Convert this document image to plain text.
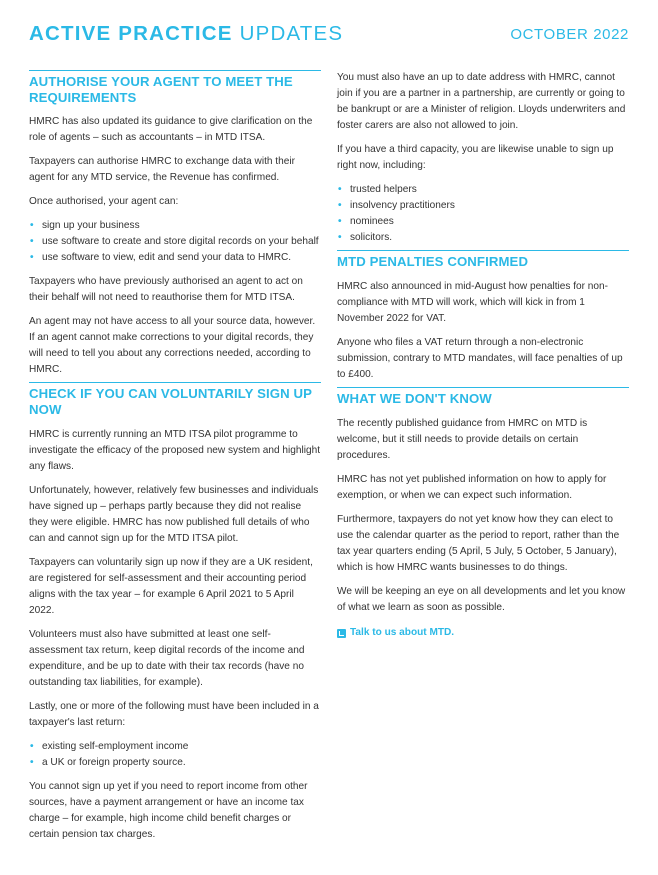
ACTIVE PRACTICE UPDATES	OCTOBER 2022
AUTHORISE YOUR AGENT TO MEET THE REQUIREMENTS

HMRC has also updated its guidance to give clarification on the role of agents – such as accountants – in MTD ITSA.

Taxpayers can authorise HMRC to exchange data with their agent for any MTD service, the Revenue has confirmed.

Once authorised, your agent can:

• sign up your business
• use software to create and store digital records on your behalf
• use software to view, edit and send your data to HMRC.

Taxpayers who have previously authorised an agent to act on their behalf will not need to reauthorise them for MTD ITSA.

An agent may not have access to all your source data, however. If an agent cannot make corrections to your digital records, they will need to tell you about any corrections needed, according to HMRC.

CHECK IF YOU CAN VOLUNTARILY SIGN UP NOW

HMRC is currently running an MTD ITSA pilot programme to investigate the efficacy of the proposed new system and highlight any flaws.

Unfortunately, however, relatively few businesses and individuals have signed up – perhaps partly because they did not realise they were eligible. HMRC has now published full details of who can and cannot sign up for the MTD ITSA pilot.

Taxpayers can voluntarily sign up now if they are a UK resident, are registered for self-assessment and their accounting period aligns with the tax year – for example 6 April 2021 to 5 April 2022.

Volunteers must also have submitted at least one self-assessment tax return, keep digital records of the income and expenditure, and be up to date with their tax records (have no outstanding tax liabilities, for example).

Lastly, one or more of the following must have been included in a taxpayer's last return:

• existing self-employment income
• a UK or foreign property source.

You cannot sign up yet if you need to report income from other sources, have a payment arrangement or have an income tax charge – for example, high income child benefit charges or certain pension tax charges.

You must also have an up to date address with HMRC, cannot join if you are a partner in a partnership, are currently or going to be bankrupt or are a Minister of religion. Lloyds underwriters and foster carers are also not allowed to join.

If you have a third capacity, you are likewise unable to sign up right now, including:

• trusted helpers
• insolvency practitioners
• nominees
• solicitors.
MTD PENALTIES CONFIRMED

HMRC also announced in mid-August how penalties for non-compliance with MTD will work, which will kick in from 1 November 2022 for VAT.

Anyone who files a VAT return through a non-electronic submission, contrary to MTD mandates, will face penalties of up to £400.

WHAT WE DON'T KNOW

The recently published guidance from HMRC on MTD is welcome, but it still needs to provide details on certain procedures.

HMRC has not yet published information on how to apply for exemption, or when we can expect such information.

Furthermore, taxpayers do not yet know how they can elect to use the calendar quarter as the period to report, rather than the tax year quarters ending (5 April, 5 July, 5 October, 5 January), which is how HMRC wants businesses to do things.

We will be keeping an eye on all developments and let you know of what we learn as soon as possible.

Talk to us about MTD.
